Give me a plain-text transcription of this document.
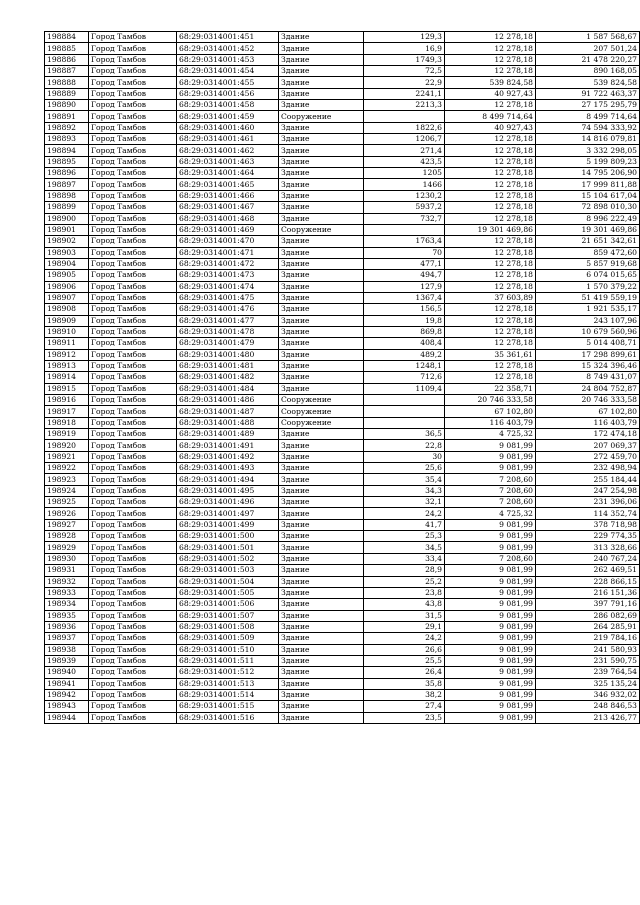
198884	Город Тамбов	68:29:0314001:451	Здание	129,3	12 278,18	1 587 568,67
198885	Город Тамбов	68:29:0314001:452	Здание	16,9	12 278,18	207 501,24
198886	Город Тамбов	68:29:0314001:453	Здание	1749,3	12 278,18	21 478 220,27
198887	Город Тамбов	68:29:0314001:454	Здание	72,5	12 278,18	890 168,05
198888	Город Тамбов	68:29:0314001:455	Здание	22,9	539 824,58	539 824,58
198889	Город Тамбов	68:29:0314001:456	Здание	2241,1	40 927,43	91 722 463,37
198890	Город Тамбов	68:29:0314001:458	Здание	2213,3	12 278,18	27 175 295,79
198891	Город Тамбов	68:29:0314001:459	Сооружение		8 499 714,64	8 499 714,64
198892	Город Тамбов	68:29:0314001:460	Здание	1822,6	40 927,43	74 594 333,92
198893	Город Тамбов	68:29:0314001:461	Здание	1206,7	12 278,18	14 816 079,81
198894	Город Тамбов	68:29:0314001:462	Здание	271,4	12 278,18	3 332 298,05
198895	Город Тамбов	68:29:0314001:463	Здание	423,5	12 278,18	5 199 809,23
198896	Город Тамбов	68:29:0314001:464	Здание	1205	12 278,18	14 795 206,90
198897	Город Тамбов	68:29:0314001:465	Здание	1466	12 278,18	17 999 811,88
198898	Город Тамбов	68:29:0314001:466	Здание	1230,2	12 278,18	15 104 617,04
198899	Город Тамбов	68:29:0314001:467	Здание	5937,2	12 278,18	72 898 010,30
198900	Город Тамбов	68:29:0314001:468	Здание	732,7	12 278,18	8 996 222,49
198901	Город Тамбов	68:29:0314001:469	Сооружение		19 301 469,86	19 301 469,86
198902	Город Тамбов	68:29:0314001:470	Здание	1763,4	12 278,18	21 651 342,61
198903	Город Тамбов	68:29:0314001:471	Здание	70	12 278,18	859 472,60
198904	Город Тамбов	68:29:0314001:472	Здание	477,1	12 278,18	5 857 919,68
198905	Город Тамбов	68:29:0314001:473	Здание	494,7	12 278,18	6 074 015,65
198906	Город Тамбов	68:29:0314001:474	Здание	127,9	12 278,18	1 570 379,22
198907	Город Тамбов	68:29:0314001:475	Здание	1367,4	37 603,89	51 419 559,19
198908	Город Тамбов	68:29:0314001:476	Здание	156,5	12 278,18	1 921 535,17
198909	Город Тамбов	68:29:0314001:477	Здание	19,8	12 278,18	243 107,96
198910	Город Тамбов	68:29:0314001:478	Здание	869,8	12 278,18	10 679 560,96
198911	Город Тамбов	68:29:0314001:479	Здание	408,4	12 278,18	5 014 408,71
198912	Город Тамбов	68:29:0314001:480	Здание	489,2	35 361,61	17 298 899,61
198913	Город Тамбов	68:29:0314001:481	Здание	1248,1	12 278,18	15 324 396,46
198914	Город Тамбов	68:29:0314001:482	Здание	712,6	12 278,18	8 749 431,07
198915	Город Тамбов	68:29:0314001:484	Здание	1109,4	22 358,71	24 804 752,87
198916	Город Тамбов	68:29:0314001:486	Сооружение		20 746 333,58	20 746 333,58
198917	Город Тамбов	68:29:0314001:487	Сооружение		67 102,80	67 102,80
198918	Город Тамбов	68:29:0314001:488	Сооружение		116 403,79	116 403,79
198919	Город Тамбов	68:29:0314001:489	Здание	36,5	4 725,32	172 474,18
198920	Город Тамбов	68:29:0314001:491	Здание	22,8	9 081,99	207 069,37
198921	Город Тамбов	68:29:0314001:492	Здание	30	9 081,99	272 459,70
198922	Город Тамбов	68:29:0314001:493	Здание	25,6	9 081,99	232 498,94
198923	Город Тамбов	68:29:0314001:494	Здание	35,4	7 208,60	255 184,44
198924	Город Тамбов	68:29:0314001:495	Здание	34,3	7 208,60	247 254,98
198925	Город Тамбов	68:29:0314001:496	Здание	32,1	7 208,60	231 396,06
198926	Город Тамбов	68:29:0314001:497	Здание	24,2	4 725,32	114 352,74
198927	Город Тамбов	68:29:0314001:499	Здание	41,7	9 081,99	378 718,98
198928	Город Тамбов	68:29:0314001:500	Здание	25,3	9 081,99	229 774,35
198929	Город Тамбов	68:29:0314001:501	Здание	34,5	9 081,99	313 328,66
198930	Город Тамбов	68:29:0314001:502	Здание	33,4	7 208,60	240 767,24
198931	Город Тамбов	68:29:0314001:503	Здание	28,9	9 081,99	262 469,51
198932	Город Тамбов	68:29:0314001:504	Здание	25,2	9 081,99	228 866,15
198933	Город Тамбов	68:29:0314001:505	Здание	23,8	9 081,99	216 151,36
198934	Город Тамбов	68:29:0314001:506	Здание	43,8	9 081,99	397 791,16
198935	Город Тамбов	68:29:0314001:507	Здание	31,5	9 081,99	286 082,69
198936	Город Тамбов	68:29:0314001:508	Здание	29,1	9 081,99	264 285,91
198937	Город Тамбов	68:29:0314001:509	Здание	24,2	9 081,99	219 784,16
198938	Город Тамбов	68:29:0314001:510	Здание	26,6	9 081,99	241 580,93
198939	Город Тамбов	68:29:0314001:511	Здание	25,5	9 081,99	231 590,75
198940	Город Тамбов	68:29:0314001:512	Здание	26,4	9 081,99	239 764,54
198941	Город Тамбов	68:29:0314001:513	Здание	35,8	9 081,99	325 135,24
198942	Город Тамбов	68:29:0314001:514	Здание	38,2	9 081,99	346 932,02
198943	Город Тамбов	68:29:0314001:515	Здание	27,4	9 081,99	248 846,53
198944	Город Тамбов	68:29:0314001:516	Здание	23,5	9 081,99	213 426,77
